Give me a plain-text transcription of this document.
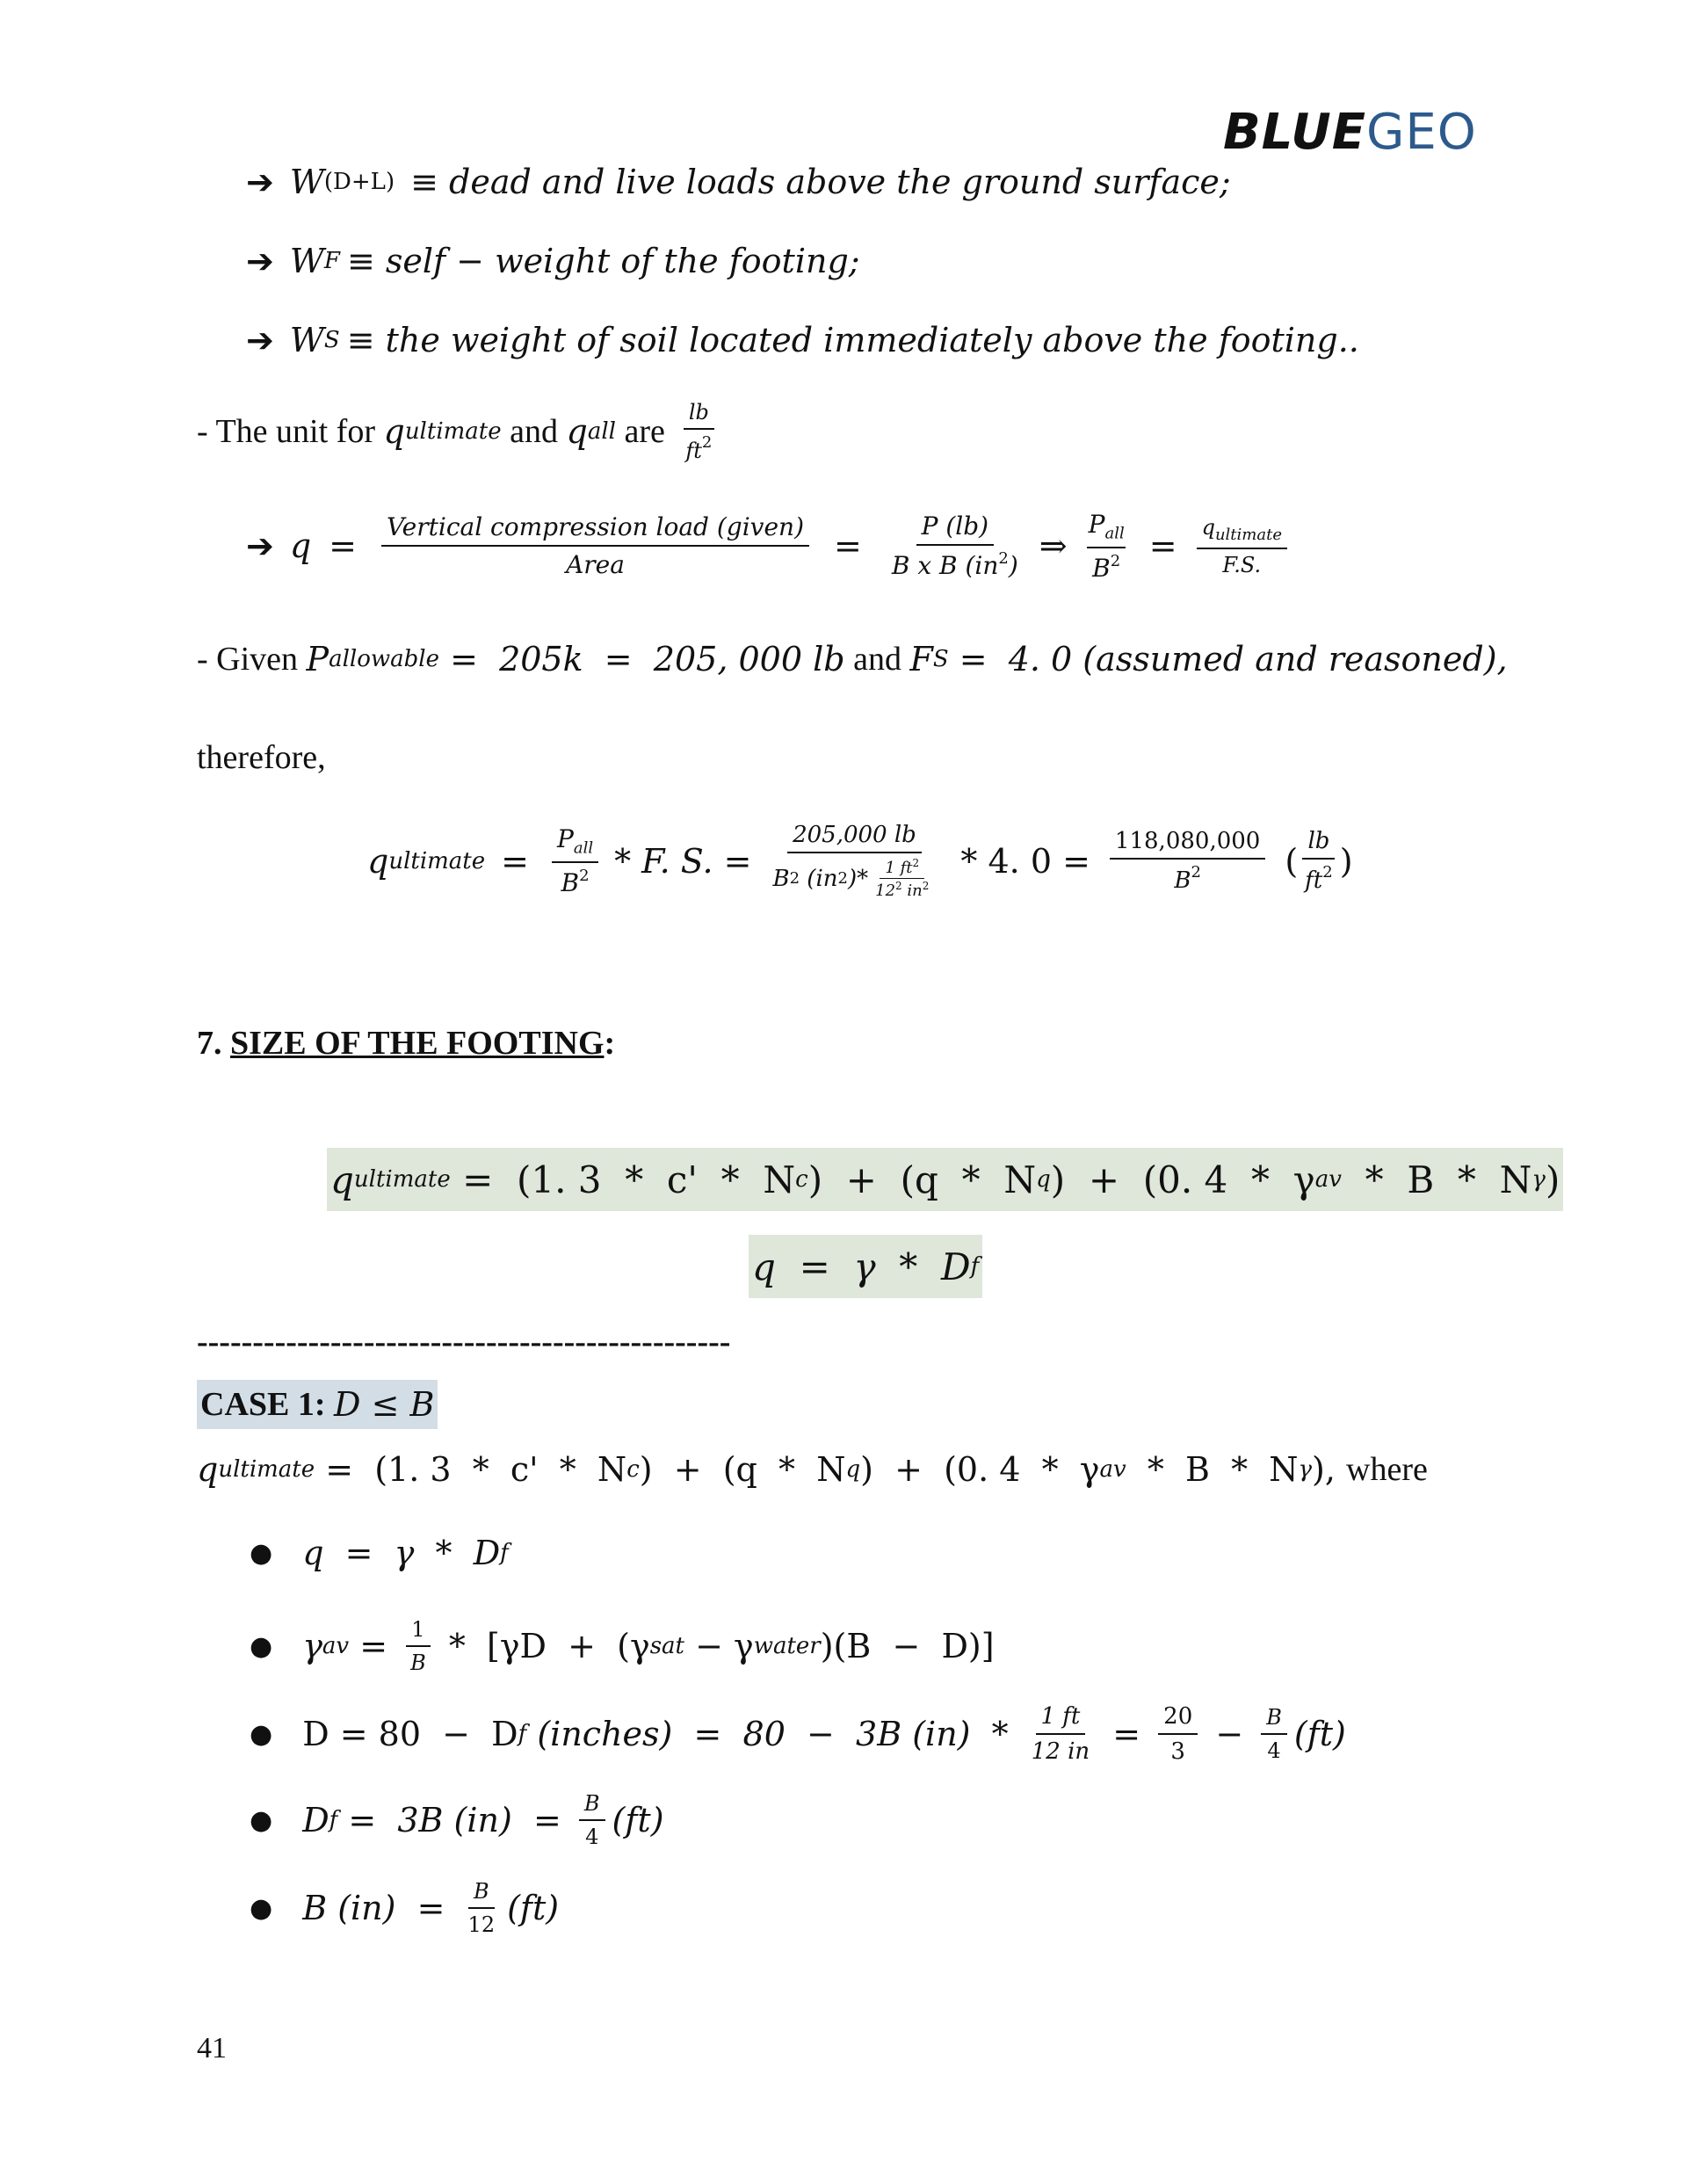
BLUEGEO
➔ W (D+L) ≡ dead and live loads above the ground surface;
➔ W F ≡ self − weight of the footing;
➔ W S ≡ the weight of soil located immediately above the footing..
- The unit for q ultimate and q all are $\frac{lb}{ft^2}$
➔ $q = \frac{\text{Vertical compression load (given)}}{\text{Area}} = \frac{P (lb)}{B x B (in^2)}$ ⇒ $\frac{P_{all}}{B^2} = \frac{q_{ultimate}}{F.S.}$
- Given P allowable =  205k  =  205, 000 lb and F S =  4. 0 (assumed and reasoned),
therefore,
q ultimate = $\frac{P_{all}}{B^2}$ * F. S. = 205,000 lb
B 2
(in 2 )* $\frac{1 ft^2}{12^2 in^2} * 4$. $0 = \frac{118,080,000}{B^2}$ ( $\frac{lb}{ft^2}$ )
7. SIZE OF THE FOOTING :
q ultimate =  (1. 3  *  c'  *  N c )  +  (q  *  N q )  +  (0. 4  *  γ av *  B  *  N γ )
q  =  γ  *  D f
------------------------------------------------
CASE 1: D ≤ B
q ultimate =  (1. 3  *  c'  *  N c )  +  (q  *  N q )  +  (0. 4  *  γ av *  B  *  N γ ), where
● q  =  γ  *  D f
● γ av = $\frac{1}{B} * [\gamma D + (\gamma$ sat − γ water )(B  −  D)]
● D = 80  −  D f (inches)  =  80  −  3B $(in) * \frac{1 ft}{12 in} = \frac{20}{3} - \frac{B}{4} (ft)$
● D f =  3B $(in) = \frac{B}{4} (ft)$
● B $(in) = \frac{B}{12} (ft)$
41
